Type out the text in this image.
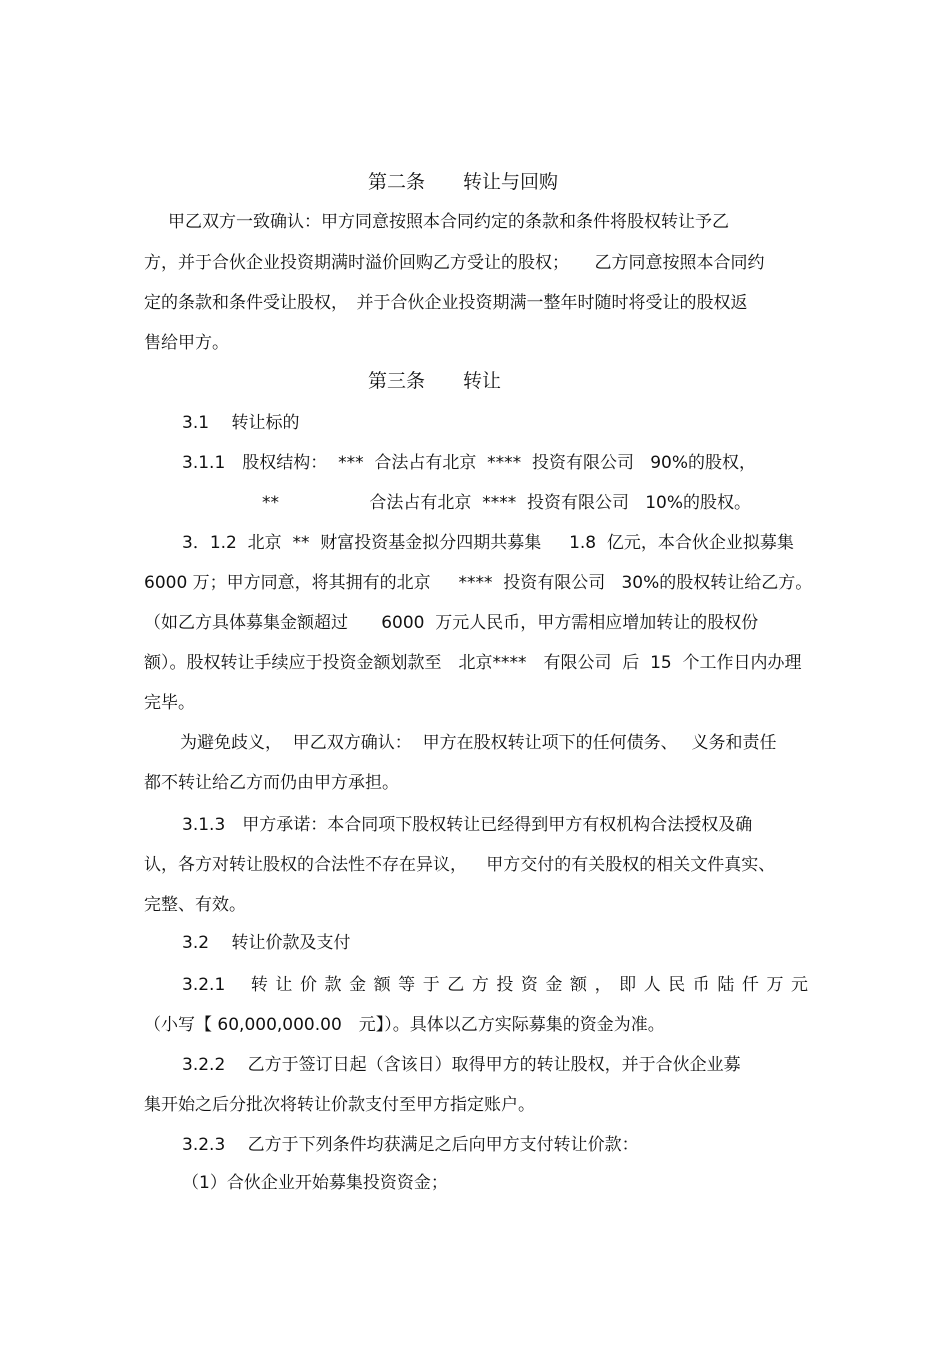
第二条　　转让与回购
甲乙双方一致确认：甲方同意按照本合同约定的条款和条件将股权转让予乙
方，并于合伙企业投资期满时溢价回购乙方受让的股权；　　乙方同意按照本合同约
定的条款和条件受让股权，　并于合伙企业投资期满一整年时随时将受让的股权返
售给甲方。
第三条　　转让
3.1　 转让标的
3.1.1　股权结构：  ***  合法占有北京  ****  投资有限公司   90%的股权，
**　　　　　 合法占有北京  ****  投资有限公司   10%的股权。
3．1.2  北京  **  财富投资基金拟分四期共募集　  1.8  亿元，本合伙企业拟募集
6000 万；甲方同意，将其拥有的北京　  ****  投资有限公司   30%的股权转让给乙方。
（如乙方具体募集金额超过　   6000  万元人民币，甲方需相应增加转让的股权份
额）。股权转让手续应于投资金额划款至　北京****　有限公司  后  15  个工作日内办理
完毕。
为避免歧义，  甲乙双方确认：  甲方在股权转让项下的任何债务、　 义务和责任
都不转让给乙方而仍由甲方承担。
3.1.3　甲方承诺：本合同项下股权转让已经得到甲方有权机构合法授权及确
认，各方对转让股权的合法性不存在异议，　  甲方交付的有关股权的相关文件真实、
完整、有效。
3.2　 转让价款及支付
3.2.1　 转 让 价 款 金 额 等 于 乙 方 投 资 金 额 ， 即 人 民 币 陆 仟 万 元
（小写【 60,000,000.00　元】）。具体以乙方实际募集的资金为准。
3.2.2　 乙方于签订日起（含该日）取得甲方的转让股权，并于合伙企业募
集开始之后分批次将转让价款支付至甲方指定账户。
3.2.3　 乙方于下列条件均获满足之后向甲方支付转让价款：
（1）合伙企业开始募集投资资金；
